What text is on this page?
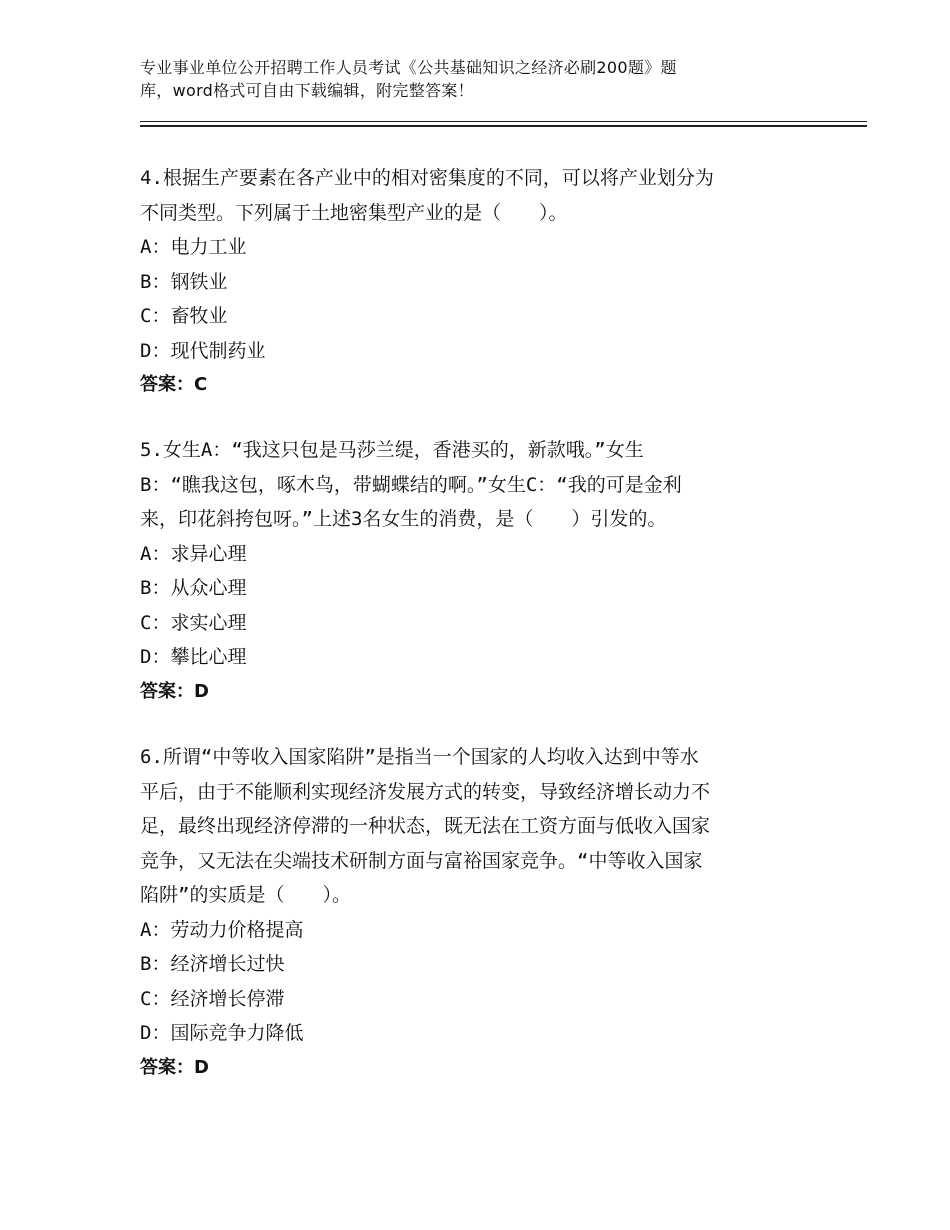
专业事业单位公开招聘工作人员考试《公共基础知识之经济必刷200题》题
库，word格式可自由下载编辑，附完整答案！
4.根据生产要素在各产业中的相对密集度的不同，可以将产业划分为
不同类型。下列属于土地密集型产业的是（　　）。
A：电力工业
B：钢铁业
C：畜牧业
D：现代制药业
答案：C
5.女生A：“我这只包是马莎兰缇，香港买的，新款哦。”女生
B：“瞧我这包，啄木鸟，带蝴蝶结的啊。”女生C：“我的可是金利
来，印花斜挎包呀。”上述3名女生的消费，是（　　）引发的。
A：求异心理
B：从众心理
C：求实心理
D：攀比心理
答案：D
6.所谓“中等收入国家陷阱”是指当一个国家的人均收入达到中等水
平后，由于不能顺利实现经济发展方式的转变，导致经济增长动力不
足，最终出现经济停滞的一种状态，既无法在工资方面与低收入国家
竞争，又无法在尖端技术研制方面与富裕国家竞争。“中等收入国家
陷阱”的实质是（　　）。
A：劳动力价格提高
B：经济增长过快
C：经济增长停滞
D：国际竞争力降低
答案：D
